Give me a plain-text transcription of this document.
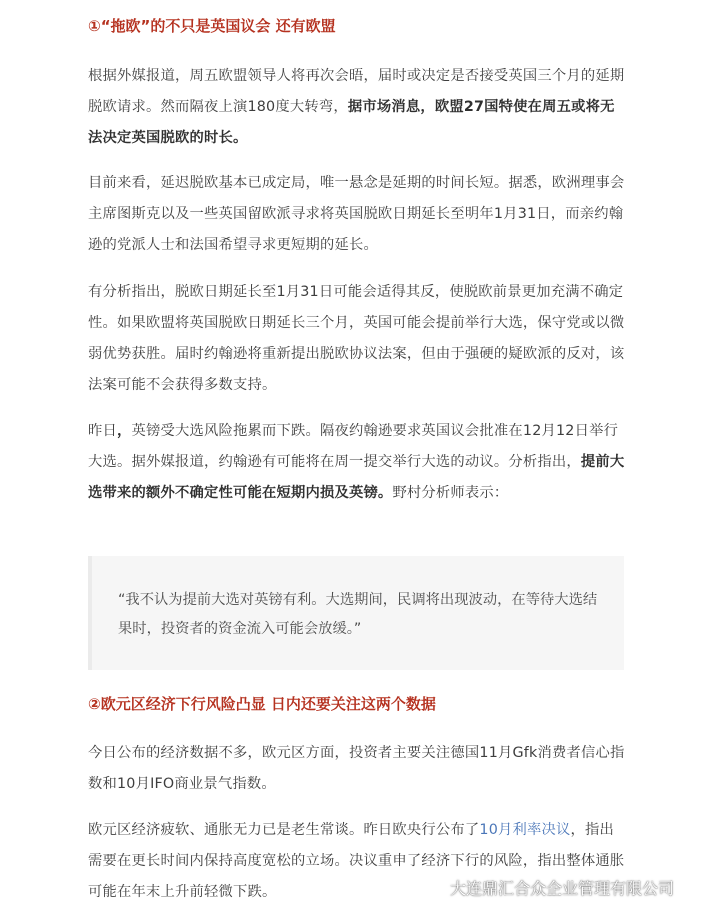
①“拖欧”的不只是英国议会 还有欧盟

根据外媒报道，周五欧盟领导人将再次会晤，届时或决定是否接受英国三个月的延期脱欧请求。然而隔夜上演180度大转弯，据市场消息，欧盟27国特使在周五或将无法决定英国脱欧的时长。

目前来看，延迟脱欧基本已成定局，唯一悬念是延期的时间长短。据悉，欧洲理事会主席图斯克以及一些英国留欧派寻求将英国脱欧日期延长至明年1月31日，而亲约翰逊的党派人士和法国希望寻求更短期的延长。

有分析指出，脱欧日期延长至1月31日可能会适得其反，使脱欧前景更加充满不确定性。如果欧盟将英国脱欧日期延长三个月，英国可能会提前举行大选，保守党或以微弱优势获胜。届时约翰逊将重新提出脱欧协议法案，但由于强硬的疑欧派的反对，该法案可能不会获得多数支持。

昨日，英镑受大选风险拖累而下跌。隔夜约翰逊要求英国议会批准在12月12日举行大选。据外媒报道，约翰逊有可能将在周一提交举行大选的动议。分析指出，提前大选带来的额外不确定性可能在短期内损及英镑。野村分析师表示：

“我不认为提前大选对英镑有利。大选期间，民调将出现波动，在等待大选结果时，投资者的资金流入可能会放缓。”

②欧元区经济下行风险凸显 日内还要关注这两个数据

今日公布的经济数据不多，欧元区方面，投资者主要关注德国11月Gfk消费者信心指数和10月IFO商业景气指数。

欧元区经济疲软、通胀无力已是老生常谈。昨日欧央行公布了10月利率决议，指出需要在更长时间内保持高度宽松的立场。决议重申了经济下行的风险，指出整体通胀可能在年末上升前轻微下跌。	大连鼎汇合众企业管理有限公司
